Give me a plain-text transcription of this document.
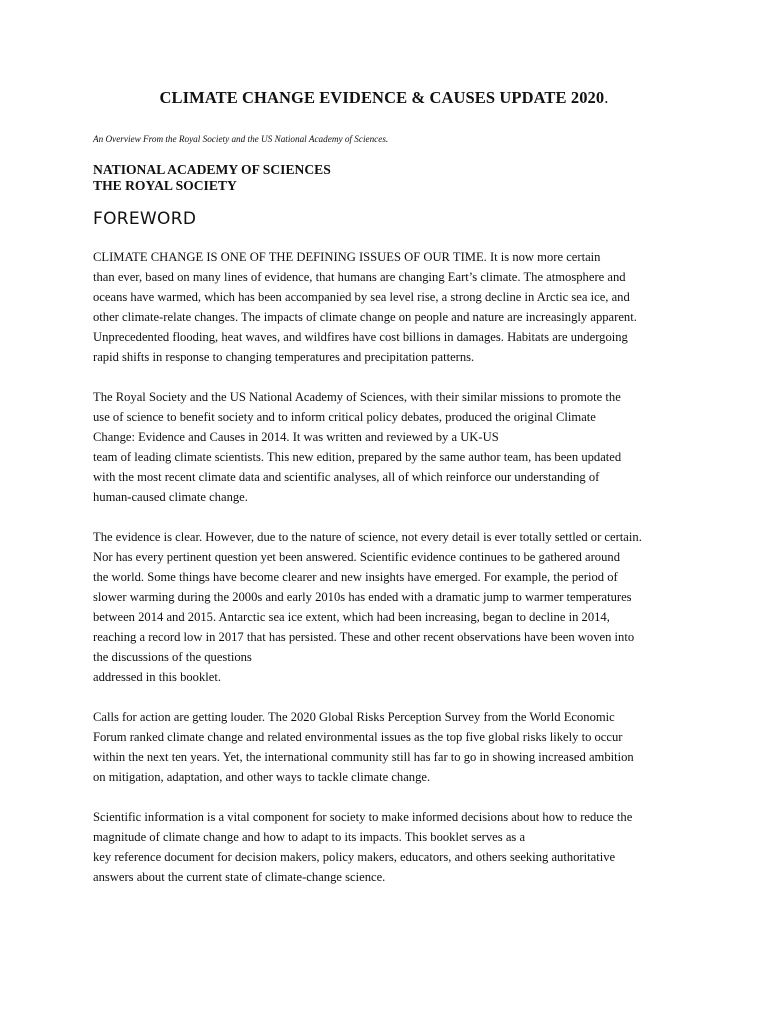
CLIMATE CHANGE EVIDENCE & CAUSES UPDATE 2020.
An Overview From the Royal Society and the US National Academy of Sciences.
NATIONAL ACADEMY OF SCIENCES
THE ROYAL SOCIETY
FOREWORD

CLIMATE CHANGE IS ONE OF THE DEFINING ISSUES OF OUR TIME. It is now more certain
than ever, based on many lines of evidence, that humans are changing Eart’s climate. The atmosphere and
oceans have warmed, which has been accompanied by sea level rise, a strong decline in Arctic sea ice, and
other climate-relate changes. The impacts of climate change on people and nature are increasingly apparent.
Unprecedented flooding, heat waves, and wildfires have cost billions in damages. Habitats are undergoing
rapid shifts in response to changing temperatures and precipitation patterns.

The Royal Society and the US National Academy of Sciences, with their similar missions to promote the
use of science to benefit society and to inform critical policy debates, produced the original Climate
Change: Evidence and Causes in 2014. It was written and reviewed by a UK-US
team of leading climate scientists. This new edition, prepared by the same author team, has been updated
with the most recent climate data and scientific analyses, all of which reinforce our understanding of
human-caused climate change.

The evidence is clear. However, due to the nature of science, not every detail is ever totally settled or certain.
Nor has every pertinent question yet been answered. Scientific evidence continues to be gathered around
the world. Some things have become clearer and new insights have emerged. For example, the period of
slower warming during the 2000s and early 2010s has ended with a dramatic jump to warmer temperatures
between 2014 and 2015. Antarctic sea ice extent, which had been increasing, began to decline in 2014,
reaching a record low in 2017 that has persisted. These and other recent observations have been woven into
the discussions of the questions
addressed in this booklet.

Calls for action are getting louder. The 2020 Global Risks Perception Survey from the World Economic
Forum ranked climate change and related environmental issues as the top five global risks likely to occur
within the next ten years. Yet, the international community still has far to go in showing increased ambition
on mitigation, adaptation, and other ways to tackle climate change.

Scientific information is a vital component for society to make informed decisions about how to reduce the
magnitude of climate change and how to adapt to its impacts. This booklet serves as a
key reference document for decision makers, policy makers, educators, and others seeking authoritative
answers about the current state of climate-change science.
